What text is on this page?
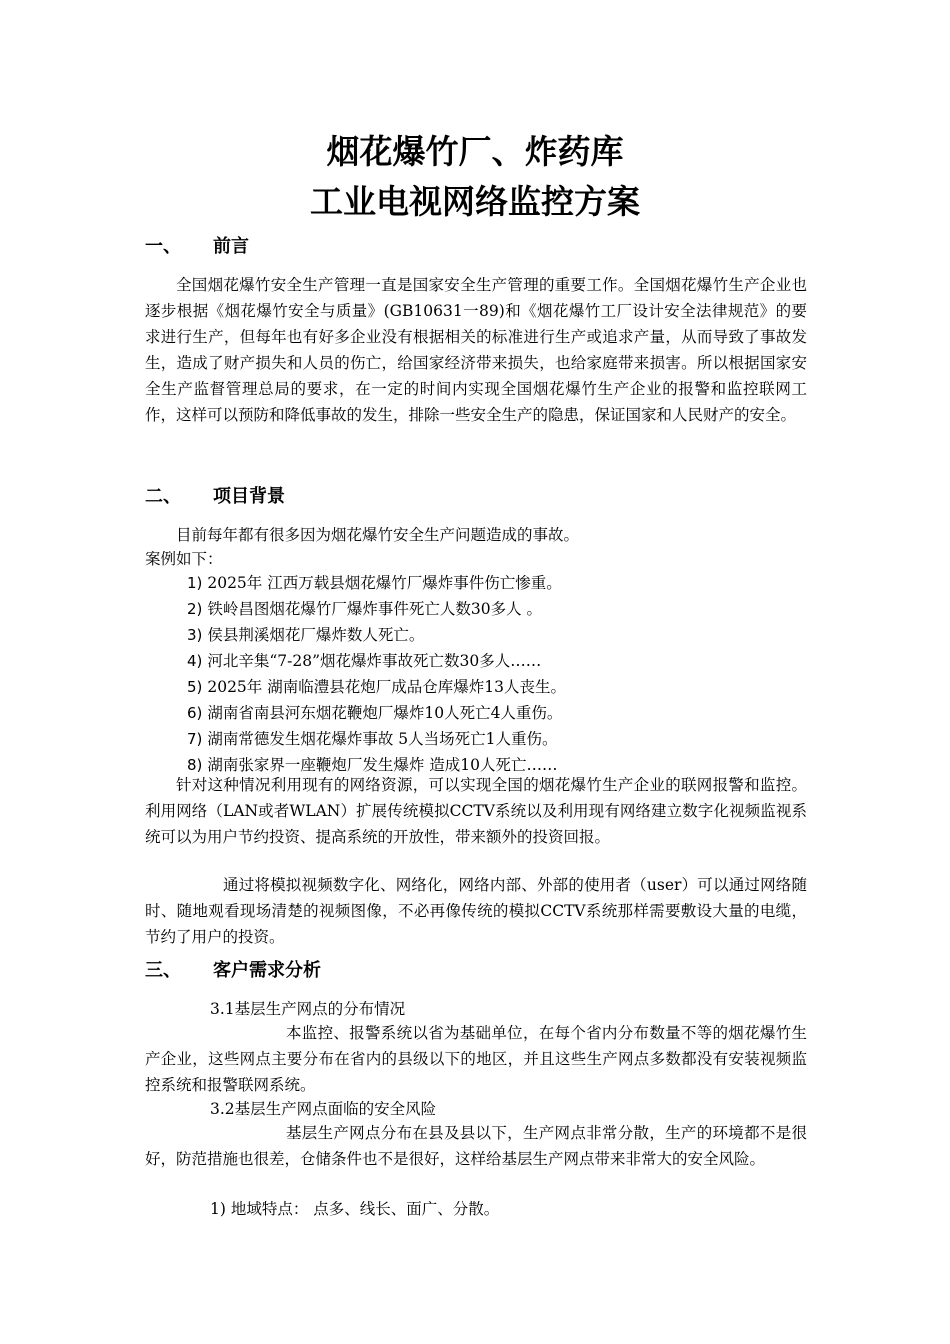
烟花爆竹厂、炸药库
工业电视网络监控方案
一、 前言
全国烟花爆竹安全生产管理一直是国家安全生产管理的重要工作。全国烟花爆竹生产企业也逐步根据《烟花爆竹安全与质量》(GB10631一89)和《烟花爆竹工厂设计安全法律规范》的要求进行生产，但每年也有好多企业没有根据相关的标准进行生产或追求产量，从而导致了事故发生，造成了财产损失和人员的伤亡，给国家经济带来损失，也给家庭带来损害。所以根据国家安全生产监督管理总局的要求，在一定的时间内实现全国烟花爆竹生产企业的报警和监控联网工作，这样可以预防和降低事故的发生，排除一些安全生产的隐患，保证国家和人民财产的安全。
二、 项目背景
目前每年都有很多因为烟花爆竹安全生产问题造成的事故。
案例如下：
1) 2025年 江西万载县烟花爆竹厂爆炸事件伤亡惨重。
2) 铁岭昌图烟花爆竹厂爆炸事件死亡人数30多人 。
3) 侯县荆溪烟花厂爆炸数人死亡。
4) 河北辛集“7-28”烟花爆炸事故死亡数30多人……
5) 2025年 湖南临澧县花炮厂成品仓库爆炸13人丧生。
6) 湖南省南县河东烟花鞭炮厂爆炸10人死亡4人重伤。
7) 湖南常德发生烟花爆炸事故 5人当场死亡1人重伤。
8) 湖南张家界一座鞭炮厂发生爆炸 造成10人死亡……
针对这种情况利用现有的网络资源，可以实现全国的烟花爆竹生产企业的联网报警和监控。利用网络（LAN或者WLAN）扩展传统模拟CCTV系统以及利用现有网络建立数字化视频监视系统可以为用户节约投资、提高系统的开放性，带来额外的投资回报。
通过将模拟视频数字化、网络化，网络内部、外部的使用者（user）可以通过网络随时、随地观看现场清楚的视频图像，不必再像传统的模拟CCTV系统那样需要敷设大量的电缆，节约了用户的投资。
三、 客户需求分析
3.1基层生产网点的分布情况
本监控、报警系统以省为基础单位，在每个省内分布数量不等的烟花爆竹生产企业，这些网点主要分布在省内的县级以下的地区，并且这些生产网点多数都没有安装视频监控系统和报警联网系统。
3.2基层生产网点面临的安全风险
基层生产网点分布在县及县以下，生产网点非常分散，生产的环境都不是很好，防范措施也很差，仓储条件也不是很好，这样给基层生产网点带来非常大的安全风险。
1) 地域特点： 点多、线长、面广、分散。
